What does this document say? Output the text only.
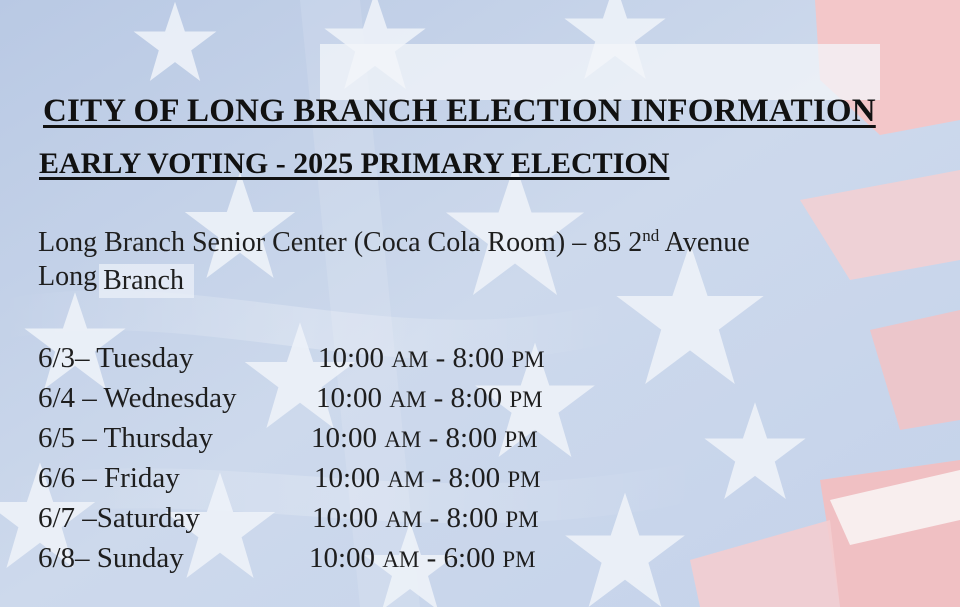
CITY OF LONG BRANCH ELECTION INFORMATION
EARLY VOTING - 2025 PRIMARY ELECTION
Long Branch Senior Center (Coca Cola Room) – 85 2nd Avenue
Long Branch
6/3– Tuesday	10:00 AM - 8:00 PM
6/4 – Wednesday	10:00 AM - 8:00 PM
6/5 – Thursday	10:00 AM - 8:00 PM
6/6 – Friday	10:00 AM - 8:00 PM
6/7 –Saturday	10:00 AM - 8:00 PM
6/8– Sunday	10:00 AM - 6:00 PM
